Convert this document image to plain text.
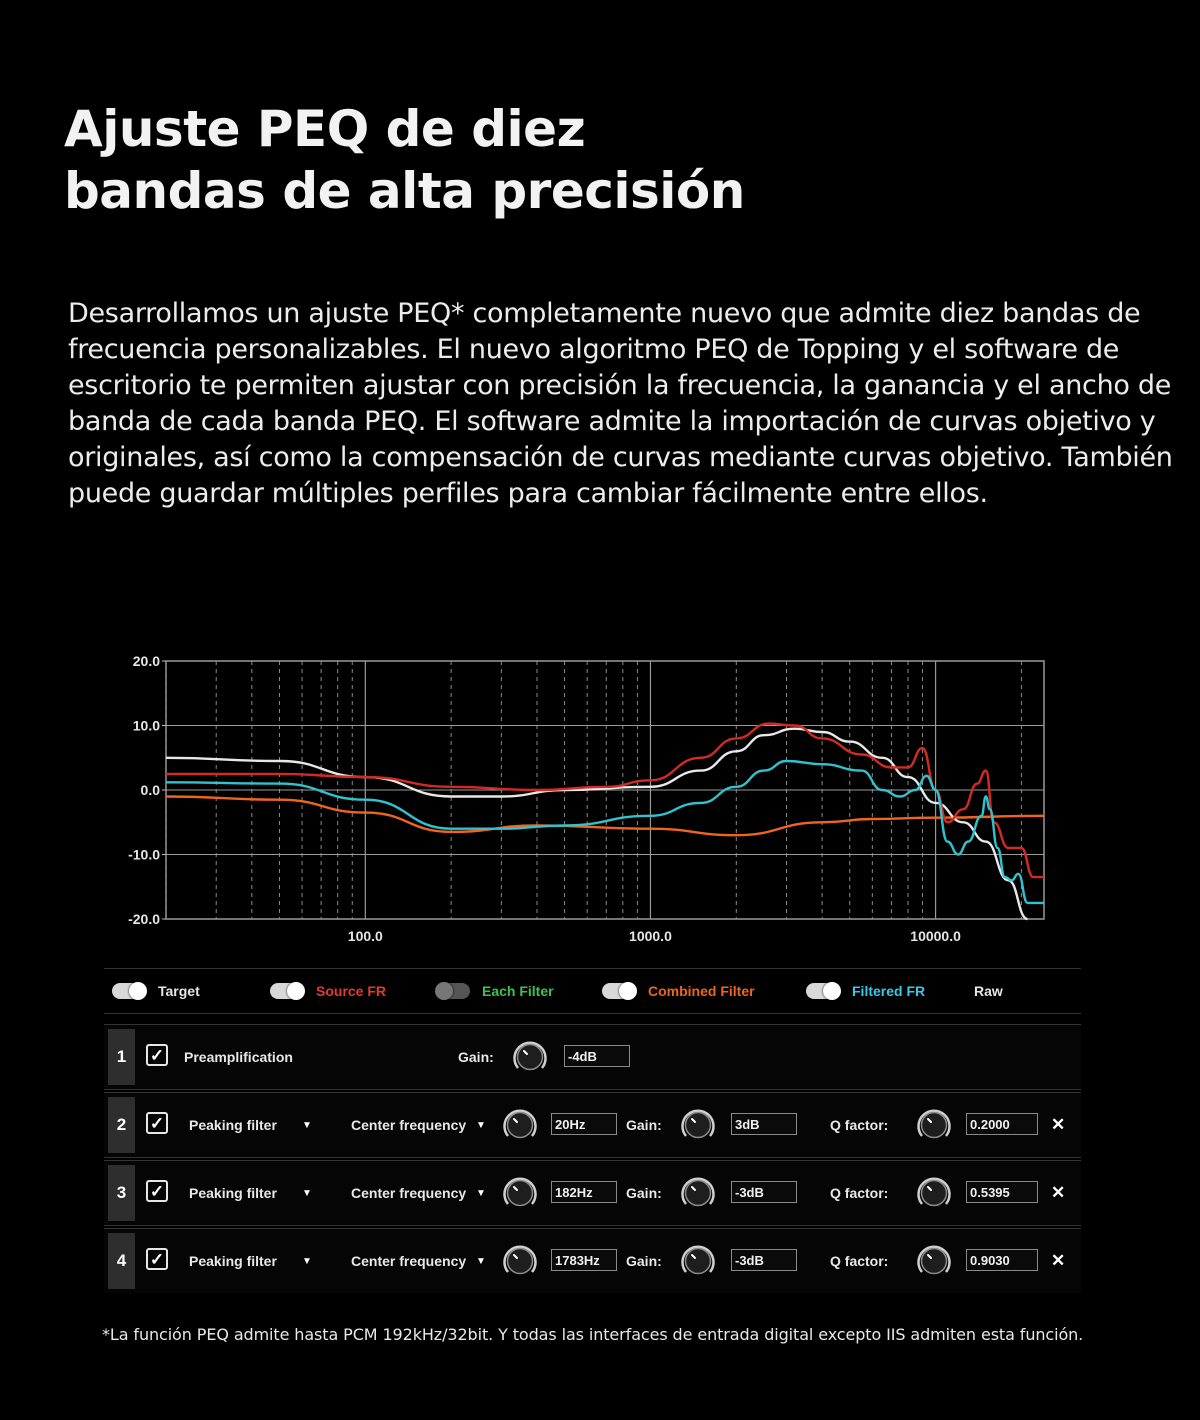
Ajuste PEQ de diez
bandas de alta precisión

Desarrollamos un ajuste PEQ* completamente nuevo que admite diez bandas de frecuencia personalizables. El nuevo algoritmo PEQ de Topping y el software de escritorio te permiten ajustar con precisión la frecuencia, la ganancia y el ancho de banda de cada banda PEQ. El software admite la importación de curvas objetivo y originales, así como la compensación de curvas mediante curvas objetivo. También puede guardar múltiples perfiles para cambiar fácilmente entre ellos.

20.0
10.0
0.0
-10.0
-20.0
100.0	1000.0	10000.0
Target	Source FR	Each Filter	Combined Filter	Filtered FR	Raw
1	✓ Preamplification	Gain:	-4dB
2	✓ Peaking filter	▼	Center frequency ▼	20Hz	Gain:	3dB	Q factor:	0.2000	✕
3	✓ Peaking filter	▼	Center frequency ▼	182Hz	Gain:	-3dB	Q factor:	0.5395	✕
4	✓ Peaking filter	▼	Center frequency ▼	1783Hz	Gain:	-3dB	Q factor:	0.9030	✕

*La función PEQ admite hasta PCM 192kHz/32bit. Y todas las interfaces de entrada digital excepto IIS admiten esta función.
